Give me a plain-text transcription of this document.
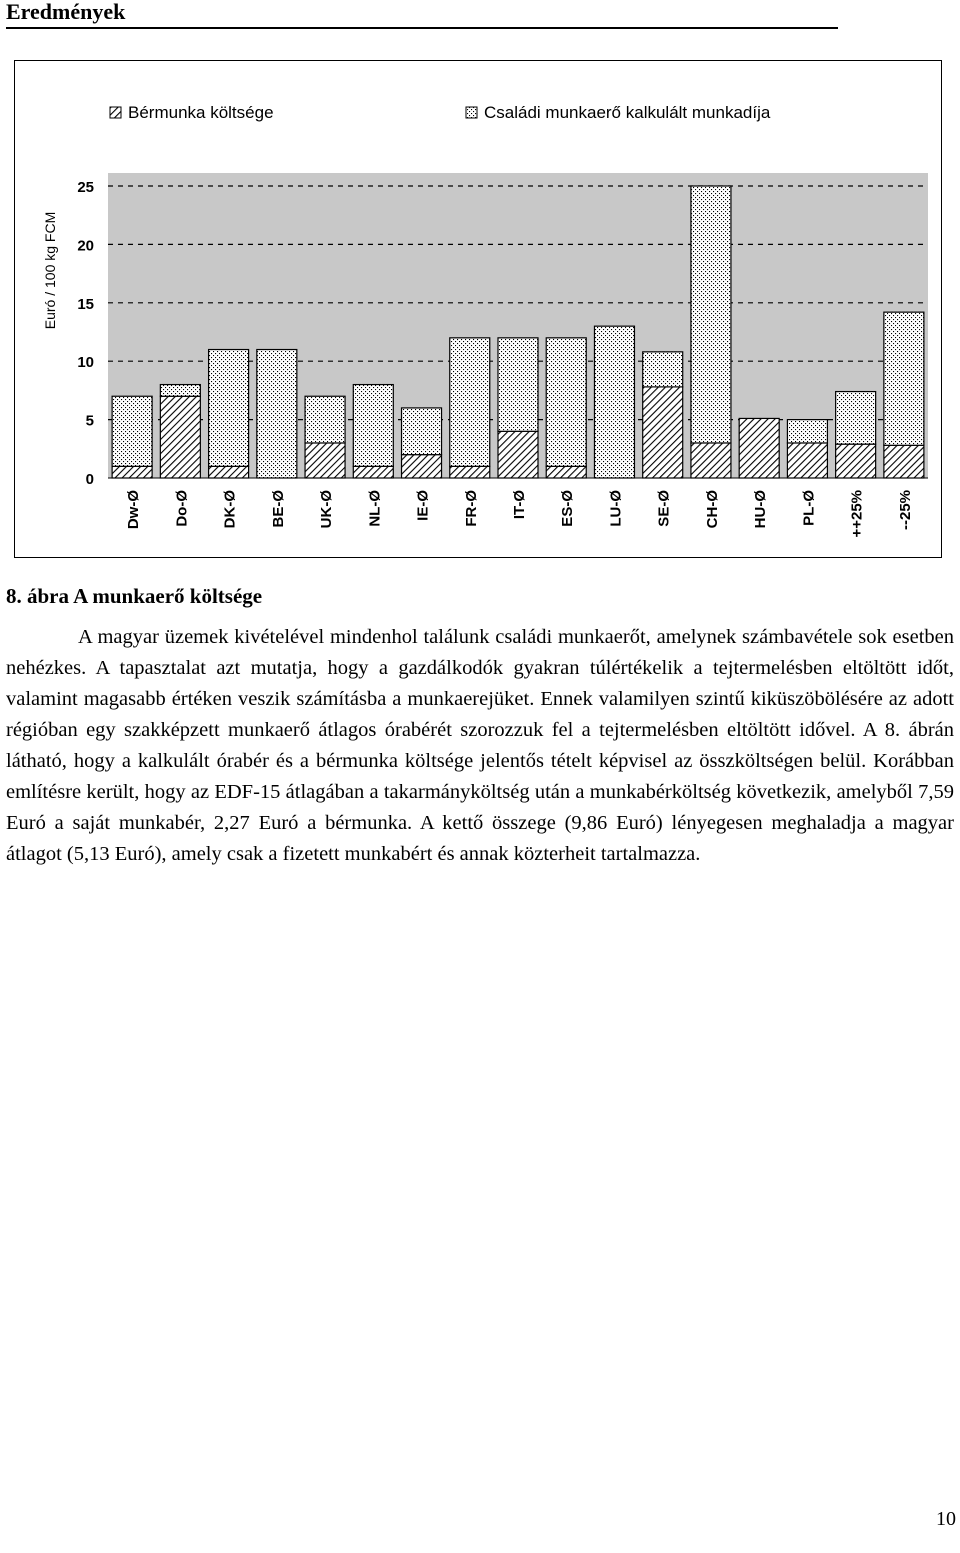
Eredmények
0
5
10
15
20
25
Euró / 100 kg FCM
Dw-Ø Do-Ø DK-Ø BE-Ø UK-Ø NL-Ø IE-Ø FR-Ø IT-Ø ES-Ø LU-Ø SE-Ø CH-Ø HU-Ø PL-Ø ++25% --25%
Bérmunka költsége	Családi munkaerő kalkulált munkadíja
8. ábra A munkaerő költsége

A magyar üzemek kivételével mindenhol találunk családi munkaerőt, amelynek számbavétele sok esetben nehézkes. A tapasztalat azt mutatja, hogy a gazdálkodók gyakran túlértékelik a tejtermelésben eltöltött időt, valamint magasabb értéken veszik számításba a munkaerejüket. Ennek valamilyen szintű kiküszöbölésére az adott régióban egy szakképzett munkaerő átlagos órabérét szorozzuk fel a tejtermelésben eltöltött idővel. A 8. ábrán látható, hogy a kalkulált órabér és a bérmunka költsége jelentős tételt képvisel az összköltségen belül. Korábban említésre került, hogy az EDF-15 átlagában a takarmányköltség után a munkabérköltség következik, amelyből 7,59 Euró a saját munkabér, 2,27 Euró a bérmunka. A kettő összege (9,86 Euró) lényegesen meghaladja a magyar átlagot (5,13 Euró), amely csak a fizetett munkabért és annak közterheit tartalmazza.

10
